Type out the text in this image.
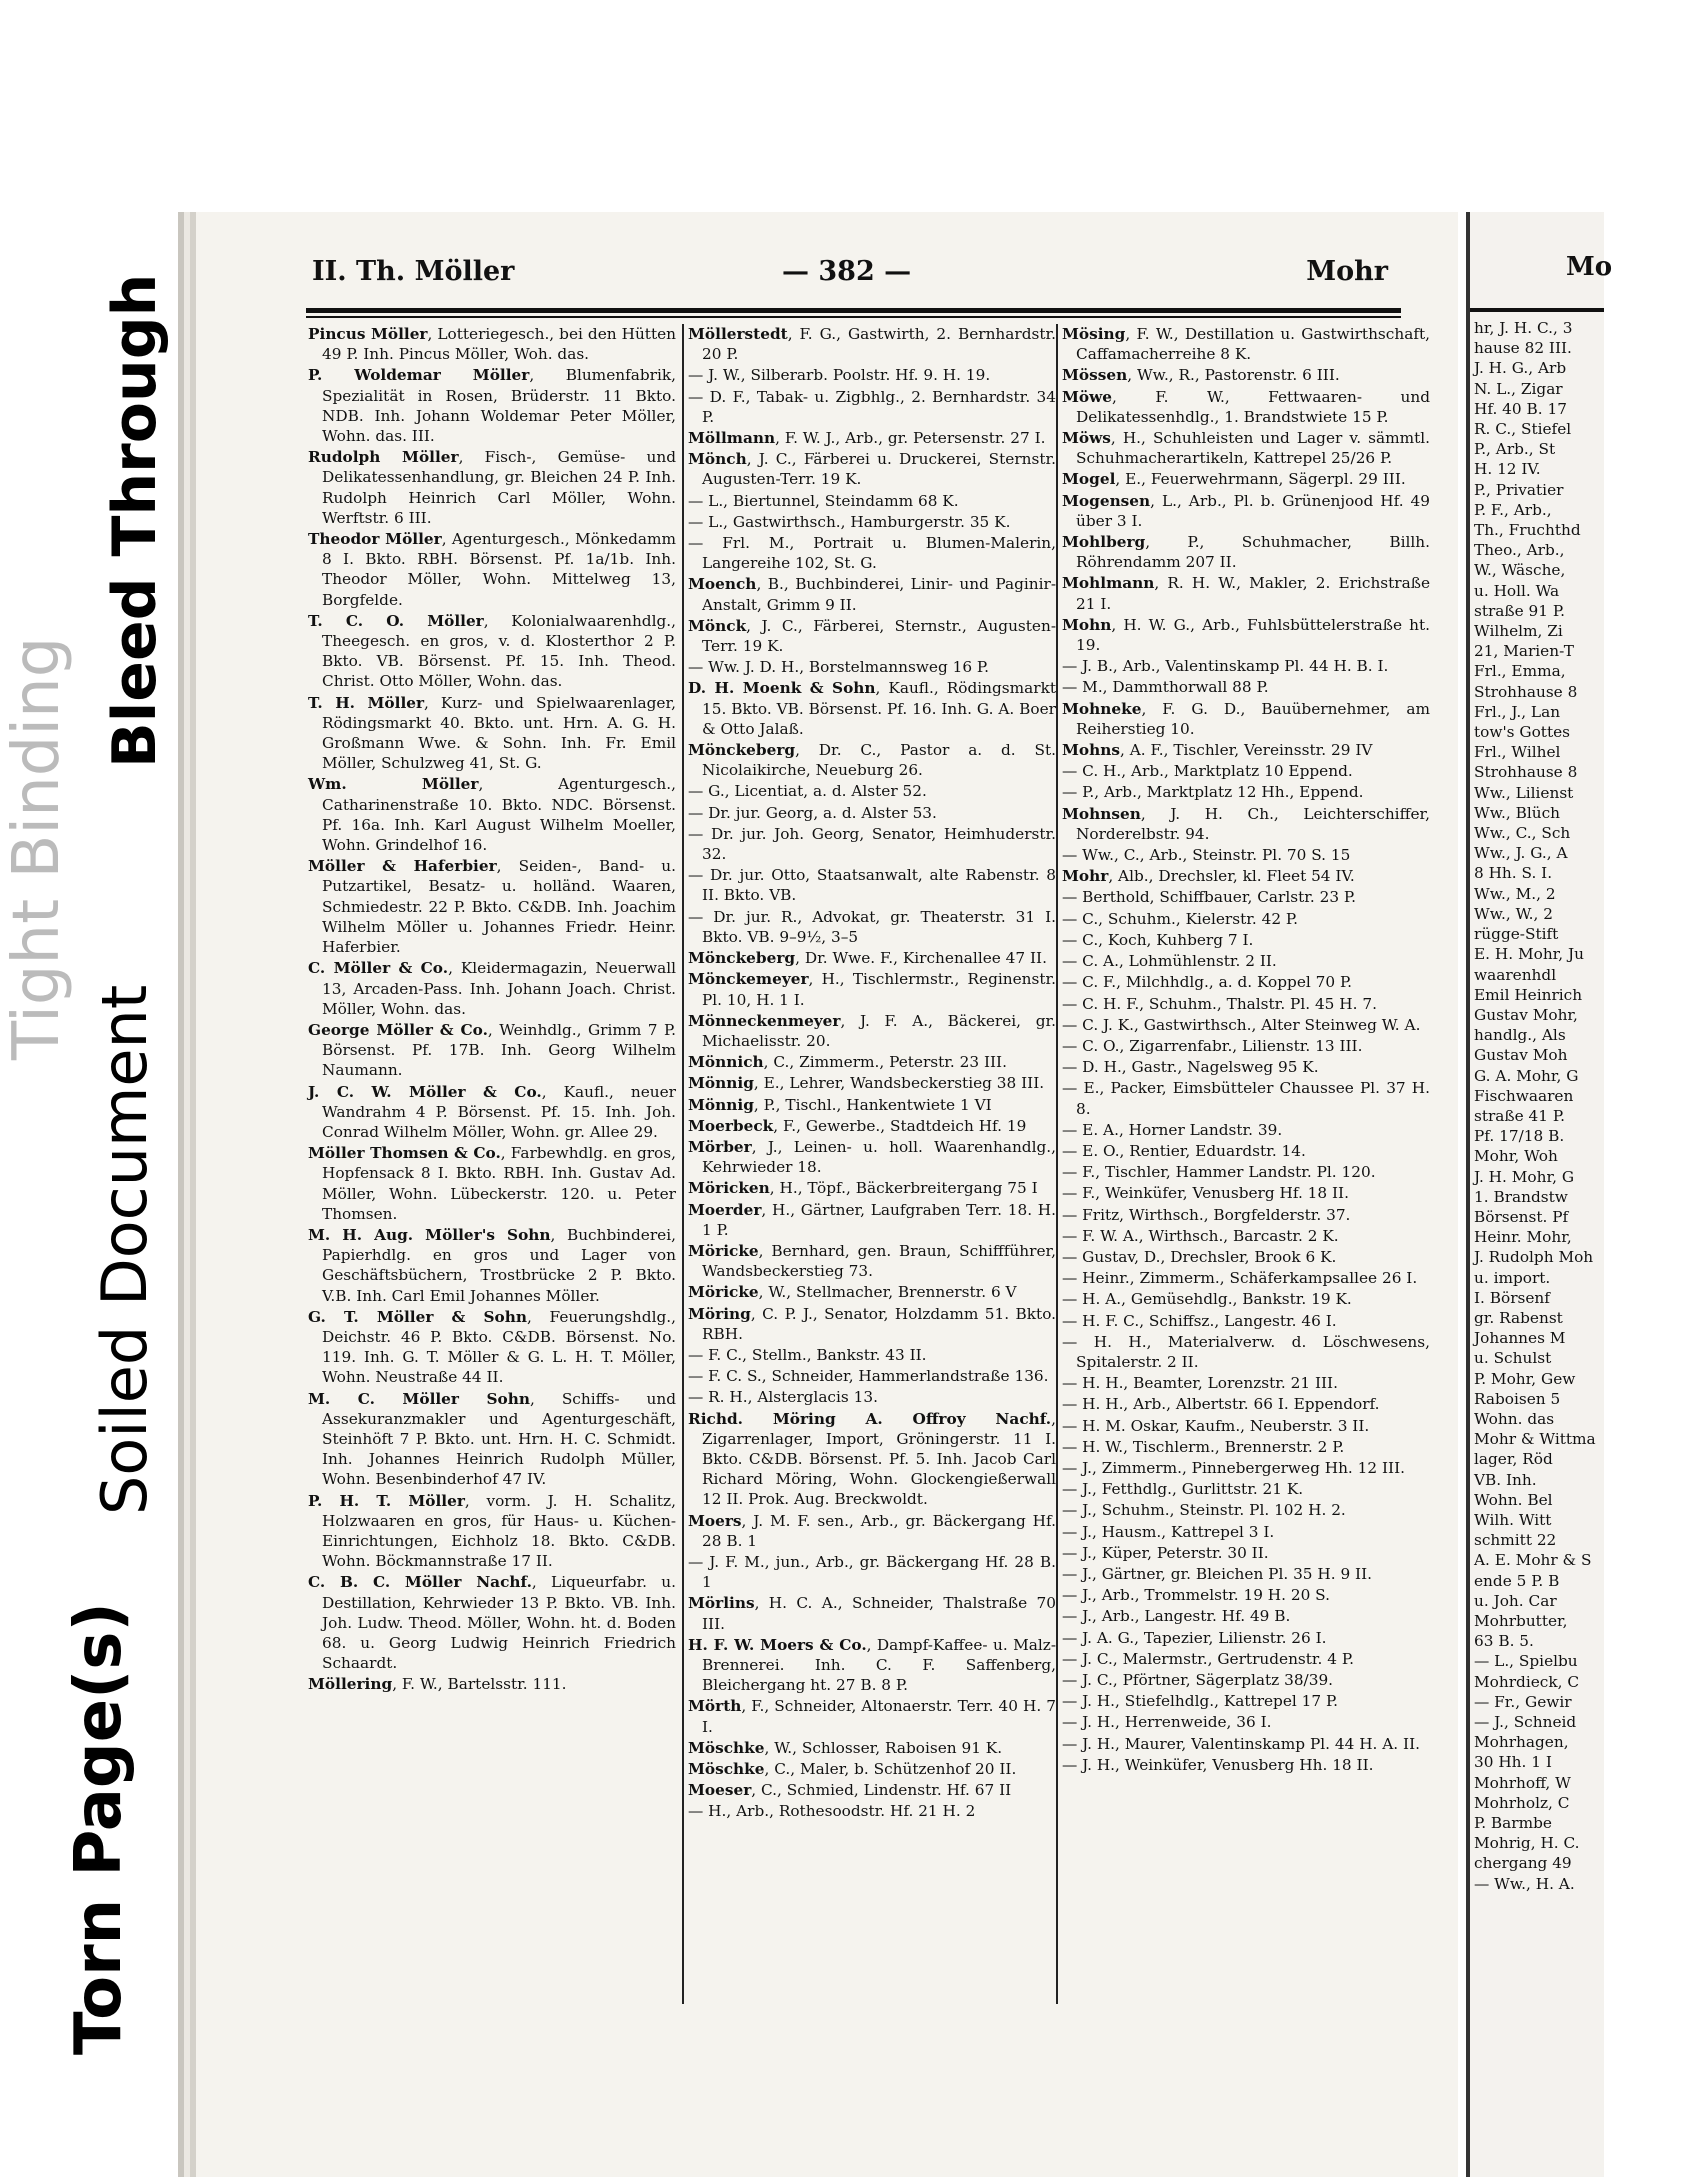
Tight Binding
Torn Page(s)
Soiled Document
Bleed Through
II. Th. Möller	— 382 —	Mohr
Pincus Möller, Lotteriegesch., bei den Hütten 49 P. Inh. Pincus Möller, Woh. das.
P. Woldemar Möller, Blumenfabrik, Spezialität in Rosen, Brüderstr. 11 Bkto. NDB. Inh. Johann Woldemar Peter Möller, Wohn. das. III.
Rudolph Möller, Fisch-, Gemüse- und Delikatessenhandlung, gr. Bleichen 24 P. Inh. Rudolph Heinrich Carl Möller, Wohn. Werftstr. 6 III.
Theodor Möller, Agenturgesch., Mönkedamm 8 I. Bkto. RBH. Börsenst. Pf. 1a/1b. Inh. Theodor Möller, Wohn. Mittelweg 13, Borgfelde.
T. C. O. Möller, Kolonialwaarenhdlg., Theegesch. en gros, v. d. Klosterthor 2 P. Bkto. VB. Börsenst. Pf. 15. Inh. Theod. Christ. Otto Möller, Wohn. das.
T. H. Möller, Kurz- und Spielwaarenlager, Rödingsmarkt 40. Bkto. unt. Hrn. A. G. H. Großmann Wwe. & Sohn. Inh. Fr. Emil Möller, Schulzweg 41, St. G.
Wm. Möller, Agenturgesch., Catharinenstraße 10. Bkto. NDC. Börsenst. Pf. 16a. Inh. Karl August Wilhelm Moeller, Wohn. Grindelhof 16.
Möller & Haferbier, Seiden-, Band- u. Putzartikel, Besatz- u. holländ. Waaren, Schmiedestr. 22 P. Bkto. C&DB. Inh. Joachim Wilhelm Möller u. Johannes Friedr. Heinr. Haferbier.
C. Möller & Co., Kleidermagazin, Neuerwall 13, Arcaden-Pass. Inh. Johann Joach. Christ. Möller, Wohn. das.
George Möller & Co., Weinhdlg., Grimm 7 P. Börsenst. Pf. 17B. Inh. Georg Wilhelm Naumann.
J. C. W. Möller & Co., Kaufl., neuer Wandrahm 4 P. Börsenst. Pf. 15. Inh. Joh. Conrad Wilhelm Möller, Wohn. gr. Allee 29.
Möller Thomsen & Co., Farbewhdlg. en gros, Hopfensack 8 I. Bkto. RBH. Inh. Gustav Ad. Möller, Wohn. Lübeckerstr. 120. u. Peter Thomsen.
M. H. Aug. Möller's Sohn, Buchbinderei, Papierhdlg. en gros und Lager von Geschäftsbüchern, Trostbrücke 2 P. Bkto. V.B. Inh. Carl Emil Johannes Möller.
G. T. Möller & Sohn, Feuerungshdlg., Deichstr. 46 P. Bkto. C&DB. Börsenst. No. 119. Inh. G. T. Möller & G. L. H. T. Möller, Wohn. Neustraße 44 II.
M. C. Möller Sohn, Schiffs- und Assekuranzmakler und Agenturgeschäft, Steinhöft 7 P. Bkto. unt. Hrn. H. C. Schmidt. Inh. Johannes Heinrich Rudolph Müller, Wohn. Besenbinderhof 47 IV.
P. H. T. Möller, vorm. J. H. Schalitz, Holzwaaren en gros, für Haus- u. Küchen-Einrichtungen, Eichholz 18. Bkto. C&DB. Wohn. Böckmannstraße 17 II.
C. B. C. Möller Nachf., Liqueurfabr. u. Destillation, Kehrwieder 13 P. Bkto. VB. Inh. Joh. Ludw. Theod. Möller, Wohn. ht. d. Boden 68. u. Georg Ludwig Heinrich Friedrich Schaardt.
Möllering, F. W., Bartelsstr. 111.
Möllerstedt, F. G., Gastwirth, 2. Bernhardstr. 20 P.
— J. W., Silberarb. Poolstr. Hf. 9. H. 19.
— D. F., Tabak- u. Zigbhlg., 2. Bernhardstr. 34 P.
Möllmann, F. W. J., Arb., gr. Petersenstr. 27 I.
Mönch, J. C., Färberei u. Druckerei, Sternstr. Augusten-Terr. 19 K.
— L., Biertunnel, Steindamm 68 K.
— L., Gastwirthsch., Hamburgerstr. 35 K.
— Frl. M., Portrait u. Blumen-Malerin, Langereihe 102, St. G.
Moench, B., Buchbinderei, Linir- und Paginir-Anstalt, Grimm 9 II.
Mönck, J. C., Färberei, Sternstr., Augusten-Terr. 19 K.
— Ww. J. D. H., Borstelmannsweg 16 P.
D. H. Moenk & Sohn, Kaufl., Rödingsmarkt 15. Bkto. VB. Börsenst. Pf. 16. Inh. G. A. Boer & Otto Jalaß.
Mönckeberg, Dr. C., Pastor a. d. St. Nicolaikirche, Neueburg 26.
— G., Licentiat, a. d. Alster 52.
— Dr. jur. Georg, a. d. Alster 53.
— Dr. jur. Joh. Georg, Senator, Heimhuderstr. 32.
— Dr. jur. Otto, Staatsanwalt, alte Rabenstr. 8 II. Bkto. VB.
— Dr. jur. R., Advokat, gr. Theaterstr. 31 I. Bkto. VB. 9–9½, 3–5
Mönckeberg, Dr. Wwe. F., Kirchenallee 47 II.
Mönckemeyer, H., Tischlermstr., Reginenstr. Pl. 10, H. 1 I.
Mönneckenmeyer, J. F. A., Bäckerei, gr. Michaelisstr. 20.
Mönnich, C., Zimmerm., Peterstr. 23 III.
Mönnig, E., Lehrer, Wandsbeckerstieg 38 III.
Mönnig, P., Tischl., Hankentwiete 1 VI
Moerbeck, F., Gewerbe., Stadtdeich Hf. 19
Mörber, J., Leinen- u. holl. Waarenhandlg., Kehrwieder 18.
Möricken, H., Töpf., Bäckerbreitergang 75 I
Moerder, H., Gärtner, Laufgraben Terr. 18. H. 1 P.
Möricke, Bernhard, gen. Braun, Schiffführer, Wandsbeckerstieg 73.
Möricke, W., Stellmacher, Brennerstr. 6 V
Möring, C. P. J., Senator, Holzdamm 51. Bkto. RBH.
— F. C., Stellm., Bankstr. 43 II.
— F. C. S., Schneider, Hammerlandstraße 136.
— R. H., Alsterglacis 13.
Richd. Möring A. Offroy Nachf., Zigarrenlager, Import, Gröningerstr. 11 I. Bkto. C&DB. Börsenst. Pf. 5. Inh. Jacob Carl Richard Möring, Wohn. Glockengießerwall 12 II. Prok. Aug. Breckwoldt.
Moers, J. M. F. sen., Arb., gr. Bäckergang Hf. 28 B. 1
— J. F. M., jun., Arb., gr. Bäckergang Hf. 28 B. 1
Mörlins, H. C. A., Schneider, Thalstraße 70 III.
H. F. W. Moers & Co., Dampf-Kaffee- u. Malz-Brennerei. Inh. C. F. Saffenberg, Bleichergang ht. 27 B. 8 P.
Mörth, F., Schneider, Altonaerstr. Terr. 40 H. 7 I.
Möschke, W., Schlosser, Raboisen 91 K.
Möschke, C., Maler, b. Schützenhof 20 II.
Moeser, C., Schmied, Lindenstr. Hf. 67 II
— H., Arb., Rothesoodstr. Hf. 21 H. 2
Mösing, F. W., Destillation u. Gastwirthschaft, Caffamacherreihe 8 K.
Mössen, Ww., R., Pastorenstr. 6 III.
Möwe, F. W., Fettwaaren- und Delikatessenhdlg., 1. Brandstwiete 15 P.
Möws, H., Schuhleisten und Lager v. sämmtl. Schuhmacherartikeln, Kattrepel 25/26 P.
Mogel, E., Feuerwehrmann, Sägerpl. 29 III.
Mogensen, L., Arb., Pl. b. Grünenjood Hf. 49 über 3 I.
Mohlberg, P., Schuhmacher, Billh. Röhrendamm 207 II.
Mohlmann, R. H. W., Makler, 2. Erichstraße 21 I.
Mohn, H. W. G., Arb., Fuhlsbüttelerstraße ht. 19.
— J. B., Arb., Valentinskamp Pl. 44 H. B. I.
— M., Dammthorwall 88 P.
Mohneke, F. G. D., Bauübernehmer, am Reiherstieg 10.
Mohns, A. F., Tischler, Vereinsstr. 29 IV
— C. H., Arb., Marktplatz 10 Eppend.
— P., Arb., Marktplatz 12 Hh., Eppend.
Mohnsen, J. H. Ch., Leichterschiffer, Norderelbstr. 94.
— Ww., C., Arb., Steinstr. Pl. 70 S. 15
Mohr, Alb., Drechsler, kl. Fleet 54 IV.
— Berthold, Schiffbauer, Carlstr. 23 P.
— C., Schuhm., Kielerstr. 42 P.
— C., Koch, Kuhberg 7 I.
— C. A., Lohmühlenstr. 2 II.
— C. F., Milchhdlg., a. d. Koppel 70 P.
— C. H. F., Schuhm., Thalstr. Pl. 45 H. 7.
— C. J. K., Gastwirthsch., Alter Steinweg W. A.
— C. O., Zigarrenfabr., Lilienstr. 13 III.
— D. H., Gastr., Nagelsweg 95 K.
— E., Packer, Eimsbütteler Chaussee Pl. 37 H. 8.
— E. A., Horner Landstr. 39.
— E. O., Rentier, Eduardstr. 14.
— F., Tischler, Hammer Landstr. Pl. 120.
— F., Weinküfer, Venusberg Hf. 18 II.
— Fritz, Wirthsch., Borgfelderstr. 37.
— F. W. A., Wirthsch., Barcastr. 2 K.
— Gustav, D., Drechsler, Brook 6 K.
— Heinr., Zimmerm., Schäferkampsallee 26 I.
— H. A., Gemüsehdlg., Bankstr. 19 K.
— H. F. C., Schiffsz., Langestr. 46 I.
— H. H., Materialverw. d. Löschwesens, Spitalerstr. 2 II.
— H. H., Beamter, Lorenzstr. 21 III.
— H. H., Arb., Albertstr. 66 I. Eppendorf.
— H. M. Oskar, Kaufm., Neuberstr. 3 II.
— H. W., Tischlerm., Brennerstr. 2 P.
— J., Zimmerm., Pinnebergerweg Hh. 12 III.
— J., Fetthdlg., Gurlittstr. 21 K.
— J., Schuhm., Steinstr. Pl. 102 H. 2.
— J., Hausm., Kattrepel 3 I.
— J., Küper, Peterstr. 30 II.
— J., Gärtner, gr. Bleichen Pl. 35 H. 9 II.
— J., Arb., Trommelstr. 19 H. 20 S.
— J., Arb., Langestr. Hf. 49 B.
— J. A. G., Tapezier, Lilienstr. 26 I.
— J. C., Malermstr., Gertrudenstr. 4 P.
— J. C., Pförtner, Sägerplatz 38/39.
— J. H., Stiefelhdlg., Kattrepel 17 P.
— J. H., Herrenweide, 36 I.
— J. H., Maurer, Valentinskamp Pl. 44 H. A. II.
— J. H., Weinküfer, Venusberg Hh. 18 II.
Mo
hr, J. H. C., 3
hause 82 III.
J. H. G., Arb
N. L., Zigar
Hf. 40 B. 17
R. C., Stiefel
P., Arb., St
H. 12 IV.
P., Privatier
P. F., Arb.,
Th., Fruchthd
Theo., Arb.,
W., Wäsche,
u. Holl. Wa
straße 91 P.
Wilhelm, Zi
21, Marien-T
Frl., Emma,
Strohhause 8
Frl., J., Lan
tow's Gottes
Frl., Wilhel
Strohhause 8
Ww., Lilienst
Ww., Blüch
Ww., C., Sch
Ww., J. G., A
8 Hh. S. I.
Ww., M., 2
Ww., W., 2
rügge-Stift
E. H. Mohr, Ju
waarenhdl
Emil Heinrich
Gustav Mohr,
handlg., Als
Gustav Moh
G. A. Mohr, G
Fischwaaren
straße 41 P.
Pf. 17/18 B.
Mohr, Woh
J. H. Mohr, G
1. Brandstw
Börsenst. Pf
Heinr. Mohr,
J. Rudolph Moh
u. import.
I. Börsenf
gr. Rabenst
Johannes M
u. Schulst
P. Mohr, Gew
Raboisen 5
Wohn. das
Mohr & Wittma
lager, Röd
VB. Inh.
Wohn. Bel
Wilh. Witt
schmitt 22
A. E. Mohr & S
ende 5 P. B
u. Joh. Car
Mohrbutter,
63 B. 5.
— L., Spielbu
Mohrdieck, C
— Fr., Gewir
— J., Schneid
Mohrhagen,
30 Hh. 1 I
Mohrhoff, W
Mohrholz, C
P. Barmbe
Mohrig, H. C.
chergang 49
— Ww., H. A.
